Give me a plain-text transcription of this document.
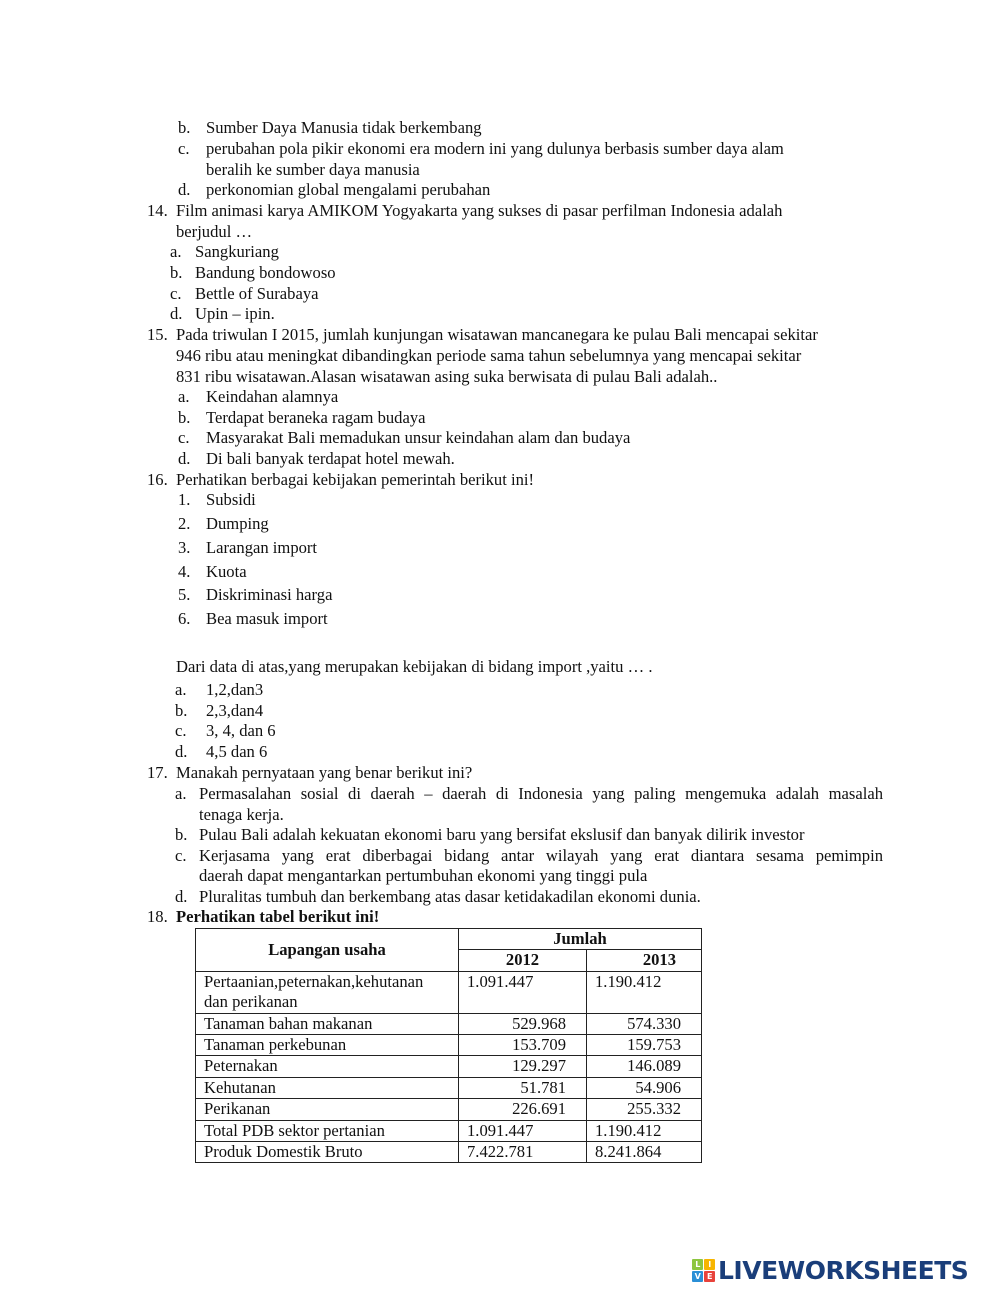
b. Sumber Daya Manusia tidak berkembang
c. perubahan pola pikir ekonomi era modern ini yang dulunya berbasis sumber daya alam
beralih ke sumber daya manusia
d. perkonomian global mengalami perubahan
14. Film animasi karya AMIKOM Yogyakarta yang sukses di pasar perfilman Indonesia adalah
berjudul …
a. Sangkuriang
b. Bandung bondowoso
c. Bettle of Surabaya
d. Upin – ipin.
15. Pada triwulan I 2015, jumlah kunjungan wisatawan mancanegara ke pulau Bali mencapai sekitar
946 ribu atau meningkat dibandingkan periode sama tahun sebelumnya yang mencapai sekitar
831 ribu wisatawan.Alasan wisatawan asing suka berwisata di pulau Bali adalah..
a. Keindahan alamnya
b. Terdapat beraneka ragam budaya
c. Masyarakat Bali memadukan unsur keindahan alam dan budaya
d. Di bali banyak terdapat hotel mewah.
16. Perhatikan berbagai kebijakan pemerintah berikut ini!
1. Subsidi
2. Dumping
3. Larangan import
4. Kuota
5. Diskriminasi harga
6. Bea masuk import
Dari data di atas,yang merupakan kebijakan di bidang import ,yaitu … .
a. 1,2,dan3
b. 2,3,dan4
c. 3, 4, dan 6
d. 4,5 dan 6
17. Manakah pernyataan yang benar berikut ini?
a. Permasalahan sosial di daerah – daerah di Indonesia yang paling mengemuka adalah masalah
tenaga kerja.
b. Pulau Bali adalah kekuatan ekonomi baru yang bersifat ekslusif dan banyak dilirik investor
c. Kerjasama yang erat diberbagai bidang antar wilayah yang erat diantara sesama pemimpin
daerah dapat mengantarkan pertumbuhan ekonomi yang tinggi pula
d. Pluralitas tumbuh dan berkembang atas dasar ketidakadilan ekonomi dunia.
18. Perhatikan tabel berikut ini!
Lapangan usaha	Jumlah	
	2012	2013
Pertaanian,peternakan,kehutanan dan perikanan	1.091.447	1.190.412
Tanaman bahan makanan	529.968	574.330
Tanaman perkebunan	153.709	159.753
Peternakan	129.297	146.089
Kehutanan	51.781	54.906
Perikanan	226.691	255.332
Total PDB sektor pertanian	1.091.447	1.190.412
Produk Domestik Bruto	7.422.781	8.241.864
L	I
V E LIVEWORKSHEETS
